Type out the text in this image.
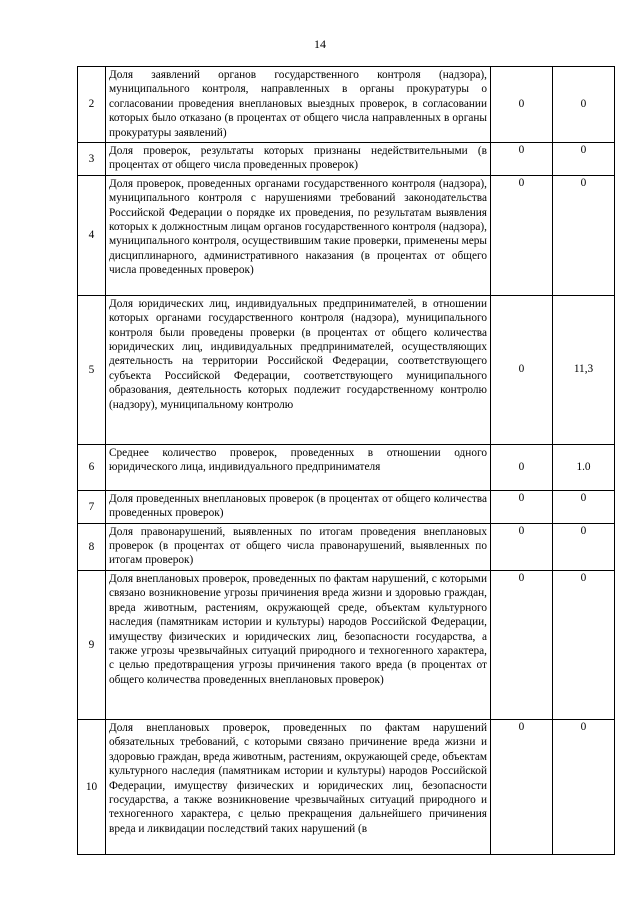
14
2	Доля заявлений органов государственного контроля (надзора), муниципального контроля, направленных в органы прокуратуры о согласовании проведения внеплановых выездных проверок, в согласовании которых было отказано (в процентах от общего числа направленных в органы прокуратуры заявлений)	0	0
3	Доля проверок, результаты которых признаны недействительными (в процентах от общего числа проведенных проверок)	0	0
4	Доля проверок, проведенных органами государственного контроля (надзора), муниципального контроля с нарушениями требований законодательства Российской Федерации о порядке их проведения, по результатам выявления которых к должностным лицам органов государственного контроля (надзора), муниципального контроля, осуществившим такие проверки, применены меры дисциплинарного, административного наказания (в процентах от общего числа проведенных проверок)	0	0
5	Доля юридических лиц, индивидуальных предпринимателей, в отношении которых органами государственного контроля (надзора), муниципального контроля были проведены проверки (в процентах от общего количества юридических лиц, индивидуальных предпринимателей, осуществляющих деятельность на территории Российской Федерации, соответствующего субъекта Российской Федерации, соответствующего муниципального образования, деятельность которых подлежит государственному контролю (надзору), муниципальному контролю	0	11,3
6	Среднее количество проверок, проведенных в отношении одного юридического лица, индивидуального предпринимателя	0	1.0
7	Доля проведенных внеплановых проверок (в процентах от общего количества проведенных проверок)	0	0
8	Доля правонарушений, выявленных по итогам проведения внеплановых проверок (в процентах от общего числа правонарушений, выявленных по итогам проверок)	0	0
9	Доля внеплановых проверок, проведенных по фактам нарушений, с которыми связано возникновение угрозы причинения вреда жизни и здоровью граждан, вреда животным, растениям, окружающей среде, объектам культурного наследия (памятникам истории и культуры) народов Российской Федерации, имуществу физических и юридических лиц, безопасности государства, а также угрозы чрезвычайных ситуаций природного и техногенного характера, с целью предотвращения угрозы причинения такого вреда (в процентах от общего количества проведенных внеплановых проверок)	0	0
10	Доля внеплановых проверок, проведенных по фактам нарушений обязательных требований, с которыми связано причинение вреда жизни и здоровью граждан, вреда животным, растениям, окружающей среде, объектам культурного наследия (памятникам истории и культуры) народов Российской Федерации, имуществу физических и юридических лиц, безопасности государства, а также возникновение чрезвычайных ситуаций природного и техногенного характера, с целью прекращения дальнейшего причинения вреда и ликвидации последствий таких нарушений (в	0	0
